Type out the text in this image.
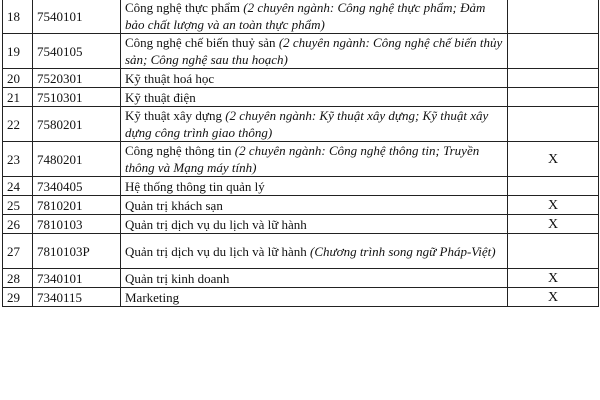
18	7540101	Công nghệ thực phẩm (2 chuyên ngành: Công nghệ thực phẩm; Đảm bảo chất lượng và an toàn thực phẩm)	
19	7540105	Công nghệ chế biến thuỷ sản (2 chuyên ngành: Công nghệ chế biến thủy sản; Công nghệ sau thu hoạch)	
20	7520301	Kỹ thuật hoá học	
21	7510301	Kỹ thuật điện	
22	7580201	Kỹ thuật xây dựng (2 chuyên ngành: Kỹ thuật xây dựng; Kỹ thuật xây dựng công trình giao thông)	
23	7480201	Công nghệ thông tin (2 chuyên ngành: Công nghệ thông tin; Truyền thông và Mạng máy tính)	X
24	7340405	Hệ thống thông tin quản lý	
25	7810201	Quản trị khách sạn	X
26	7810103	Quản trị dịch vụ du lịch và lữ hành	X
27	7810103P	Quản trị dịch vụ du lịch và lữ hành (Chương trình song ngữ Pháp-Việt)	
28	7340101	Quản trị kinh doanh	X
29	7340115	Marketing	X
